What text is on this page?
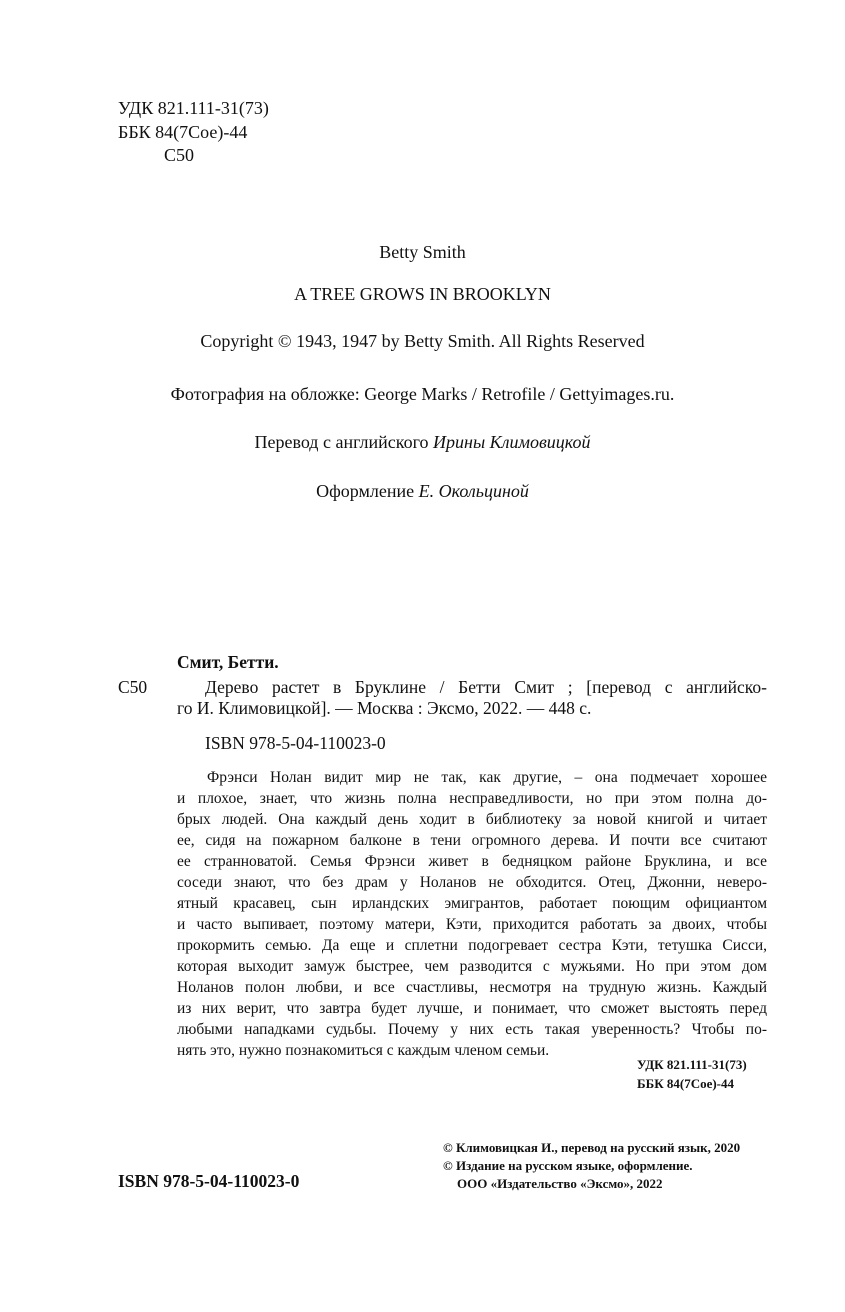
УДК 821.111-31(73)
ББК 84(7Сое)-44
С50
Betty Smith
A TREE GROWS IN BROOKLYN
Copyright © 1943, 1947 by Betty Smith. All Rights Reserved
Фотография на обложке: George Marks / Retrofile / Gettyimages.ru.
Перевод с английского Ирины Климовицкой
Оформление Е. Окольциной
Смит, Бетти.
С50	Дерево растет в Бруклине / Бетти Смит ; [перевод с английско-
го И. Климовицкой]. — Москва : Эксмо, 2022. — 448 с.
ISBN 978-5-04-110023-0
Фрэнси Нолан видит мир не так, как другие, – она подмечает хорошее
и плохое, знает, что жизнь полна несправедливости, но при этом полна до-
брых людей. Она каждый день ходит в библиотеку за новой книгой и читает
ее, сидя на пожарном балконе в тени огромного дерева. И почти все считают
ее странноватой. Семья Фрэнси живет в бедняцком районе Бруклина, и все
соседи знают, что без драм у Ноланов не обходится. Отец, Джонни, неверо-
ятный красавец, сын ирландских эмигрантов, работает поющим официантом
и часто выпивает, поэтому матери, Кэти, приходится работать за двоих, чтобы
прокормить семью. Да еще и сплетни подогревает сестра Кэти, тетушка Сисси,
которая выходит замуж быстрее, чем разводится с мужьями. Но при этом дом
Ноланов полон любви, и все счастливы, несмотря на трудную жизнь. Каждый
из них верит, что завтра будет лучше, и понимает, что сможет выстоять перед
любыми нападками судьбы. Почему у них есть такая уверенность? Чтобы по-
нять это, нужно познакомиться с каждым членом семьи.
УДК 821.111-31(73)
ББК 84(7Сое)-44
ISBN 978-5-04-110023-0
© Климовицкая И., перевод на русский язык, 2020
© Издание на русском языке, оформление.
ООО «Издательство «Эксмо», 2022
